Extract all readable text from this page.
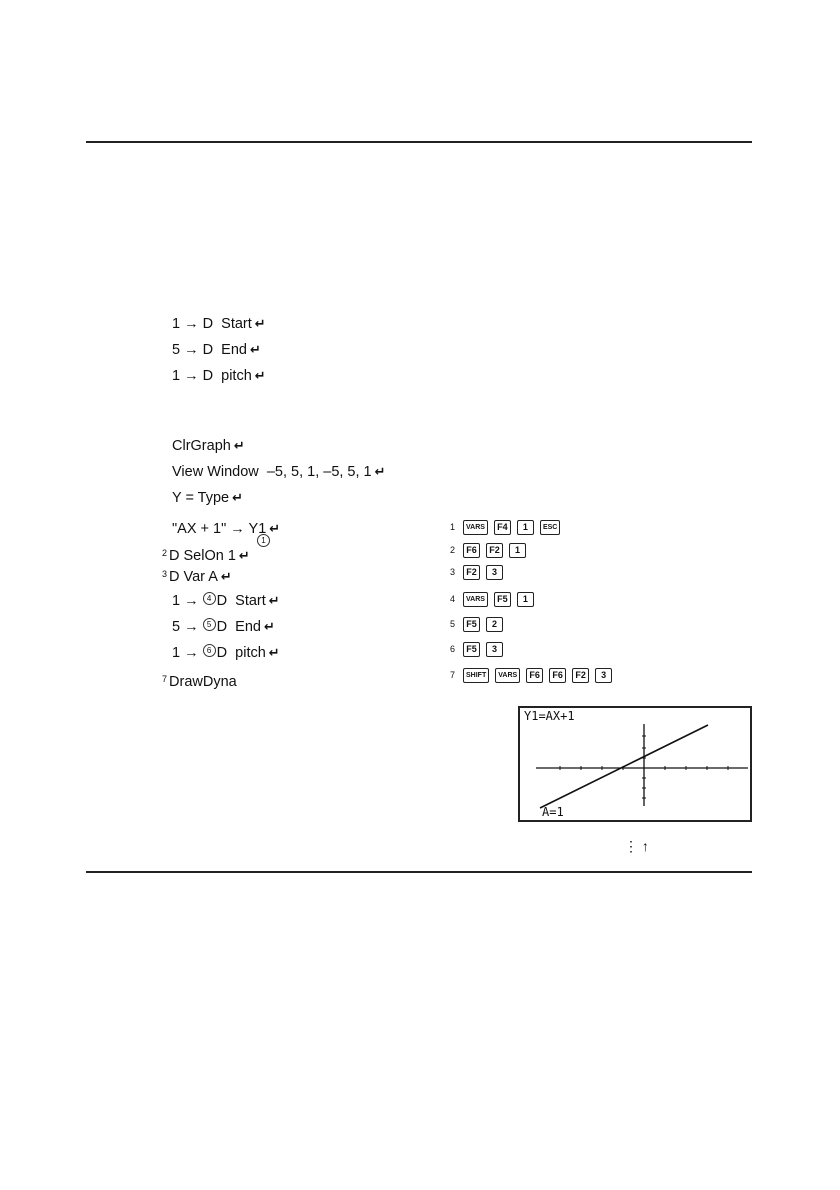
1 → D  Start ↵
5 → D  End ↵
1 → D  pitch ↵
ClrGraph ↵
View Window  –5, 5, 1, –5, 5, 1 ↵
Y = Type ↵
"AX + 1" → Y1 ↵
1
$^2$ D SelOn 1 ↵
$^3$ D Var A ↵
1 → 4 D  Start ↵
5 → 5 D  End ↵
1 → 6 D  pitch ↵
$^7$ DrawDyna
1	VARS	F4	1	ESC
2	F6	F2	1
3	F2	3
4	VARS	F5	1
5	F5	2
6	F5	3
7	SHIFT	VARS	F6	F6	F2	3
Y1=AX+1
A=1
⋮ ↑
